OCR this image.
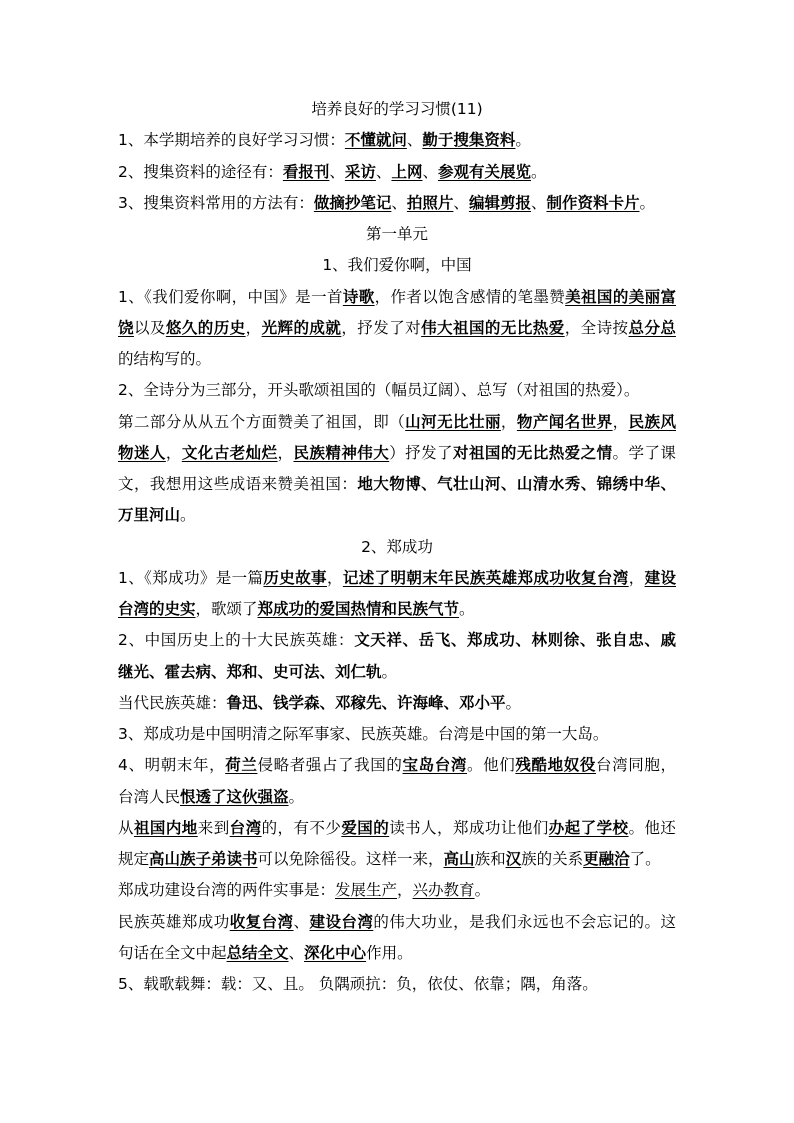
培养良好的学习习惯(11)
1、本学期培养的良好学习习惯：不懂就问、勤于搜集资料。
2、搜集资料的途径有：看报刊、采访、上网、参观有关展览。
3、搜集资料常用的方法有：做摘抄笔记、拍照片、编辑剪报、制作资料卡片。
第一单元
1、我们爱你啊，中国
1、《我们爱你啊，中国》是一首诗歌，作者以饱含感情的笔墨赞美祖国的美丽富
饶以及悠久的历史，光辉的成就，抒发了对伟大祖国的无比热爱，全诗按总分总
的结构写的。
2、全诗分为三部分，开头歌颂祖国的（幅员辽阔）、总写（对祖国的热爱）。
第二部分从从五个方面赞美了祖国，即（山河无比壮丽，物产闻名世界，民族风
物迷人，文化古老灿烂，民族精神伟大）抒发了对祖国的无比热爱之情。学了课
文，我想用这些成语来赞美祖国：地大物博、气壮山河、山清水秀、锦绣中华、
万里河山。
2、郑成功
1、《郑成功》是一篇历史故事，记述了明朝末年民族英雄郑成功收复台湾，建设
台湾的史实，歌颂了郑成功的爱国热情和民族气节。
2、中国历史上的十大民族英雄：文天祥、岳飞、郑成功、林则徐、张自忠、戚
继光、霍去病、郑和、史可法、刘仁轨。
当代民族英雄：鲁迅、钱学森、邓稼先、许海峰、邓小平。
3、郑成功是中国明清之际军事家、民族英雄。台湾是中国的第一大岛。
4、明朝末年，荷兰侵略者强占了我国的宝岛台湾。他们残酷地奴役台湾同胞，
台湾人民恨透了这伙强盗。
从祖国内地来到台湾的，有不少爱国的读书人，郑成功让他们办起了学校。他还
规定高山族子弟读书可以免除徭役。这样一来，高山族和汉族的关系更融洽了。
郑成功建设台湾的两件实事是：发展生产，兴办教育。
民族英雄郑成功收复台湾、建设台湾的伟大功业，是我们永远也不会忘记的。这
句话在全文中起总结全文、深化中心作用。
5、载歌载舞：载：又、且。 负隅顽抗：负，依仗、依靠；隅，角落。
